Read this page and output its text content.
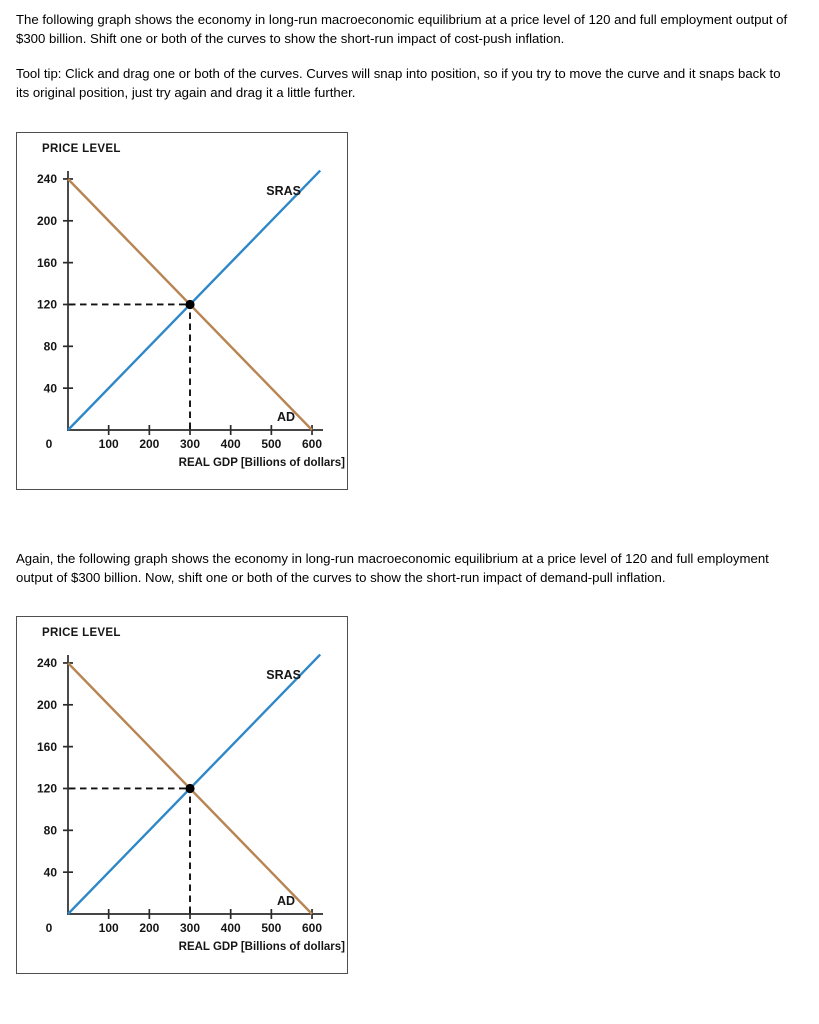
The following graph shows the economy in long-run macroeconomic equilibrium at a price level of 120 and full employment output of $300 billion. Shift one or both of the curves to show the short-run impact of cost-push inflation.

Tool tip: Click and drag one or both of the curves. Curves will snap into position, so if you try to move the curve and it snaps back to its original position, just try again and drag it a little further.

40
80
120
160
200
240
100 200 300 400 500 600
0
AD
SRAS
PRICE LEVEL
REAL GDP [Billions of dollars]

Again, the following graph shows the economy in long-run macroeconomic equilibrium at a price level of 120 and full employment output of $300 billion. Now, shift one or both of the curves to show the short-run impact of demand-pull inflation.

40
80
120
160
200
240
100 200 300 400 500 600
0
AD
SRAS
PRICE LEVEL
REAL GDP [Billions of dollars]
